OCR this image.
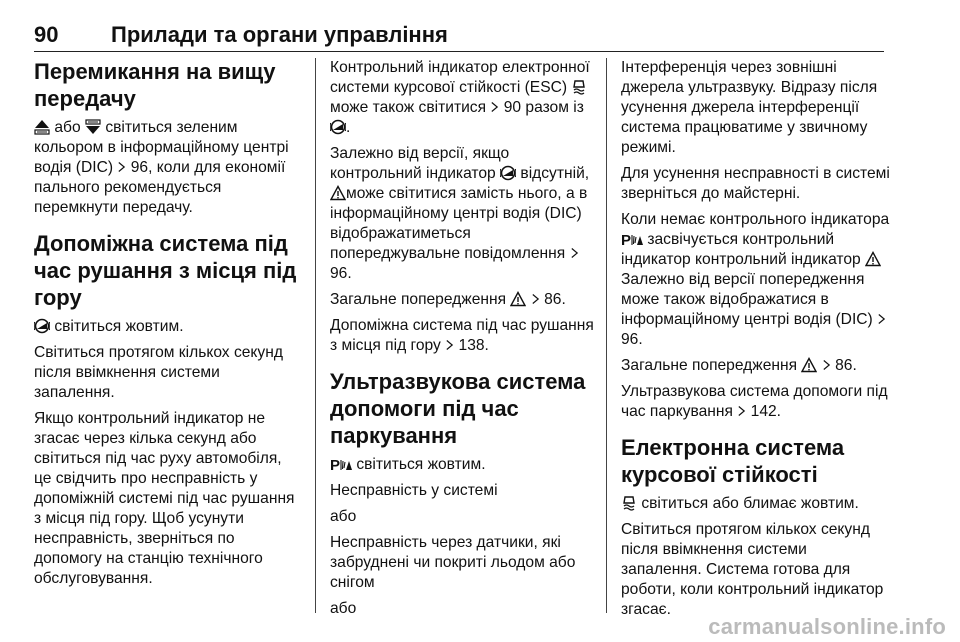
90 Прилади та органи управління
Перемикання на вищу передачу

або світиться зеленим кольором в інформаційному центрі водія (DIC) 96, коли для економії пального рекомендується перемкнути передачу.

Допоміжна система під час рушання з місця під гору

світиться жовтим.

Світиться протягом кількох секунд після ввімкнення системи запалення.

Якщо контрольний індикатор не згасає через кілька секунд або світиться під час руху автомобіля, це свідчить про несправність у допоміжній системі під час рушання з місця під гору. Щоб усунути несправність, зверніться по допомогу на станцію технічного обслуговування.

Контрольний індикатор електронної системи курсової стійкості (ESC)  може також світитися 90 разом із .

Залежно від версії, якщо контрольний індикатор відсутній, може світитися замість нього, а в інформаційному центрі водія (DIC) відображатиметься попереджувальне повідомлення  96.

Загальне попередження 86.

Допоміжна система під час рушання з місця під гору 138.

Ультразвукова система допомоги під час паркування

світиться жовтим.

Несправність у системі

або

Несправність через датчики, які забруднені чи покриті льодом або снігом

або

Інтерференція через зовнішні джерела ультразвуку. Відразу після усунення джерела інтерференції система працюватиме у звичному режимі.

Для усунення несправності в системі зверніться до майстерні.

Коли немає контрольного індикатора  засвічується контрольний індикатор контрольний індикатор  Залежно від версії попередження може також відображатися в інформаційному центрі водія (DIC)  96.

Загальне попередження 86.

Ультразвукова система допомоги під час паркування 142.

Електронна система курсової стійкості

світиться або блимає жовтим.

Світиться протягом кількох секунд після ввімкнення системи запалення. Система готова для роботи, коли контрольний індикатор згасає.

carmanualsonline.info
